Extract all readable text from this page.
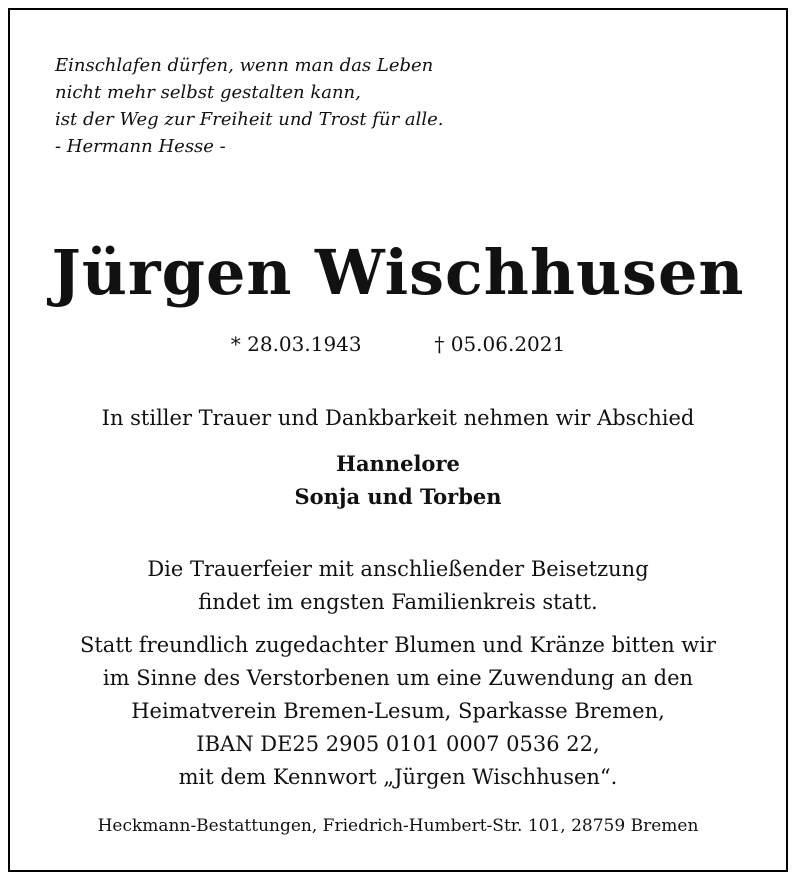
Einschlafen dürfen, wenn man das Leben
nicht mehr selbst gestalten kann,
ist der Weg zur Freiheit und Trost für alle.
- Hermann Hesse -
Jürgen Wischhusen
* 28.03.1943	† 05.06.2021
In stiller Trauer und Dankbarkeit nehmen wir Abschied
Hannelore
Sonja und Torben
Die Trauerfeier mit anschließender Beisetzung
findet im engsten Familienkreis statt.
Statt freundlich zugedachter Blumen und Kränze bitten wir
im Sinne des Verstorbenen um eine Zuwendung an den
Heimatverein Bremen-Lesum, Sparkasse Bremen,
IBAN DE25 2905 0101 0007 0536 22,
mit dem Kennwort „Jürgen Wischhusen“.
Heckmann-Bestattungen, Friedrich-Humbert-Str. 101, 28759 Bremen
